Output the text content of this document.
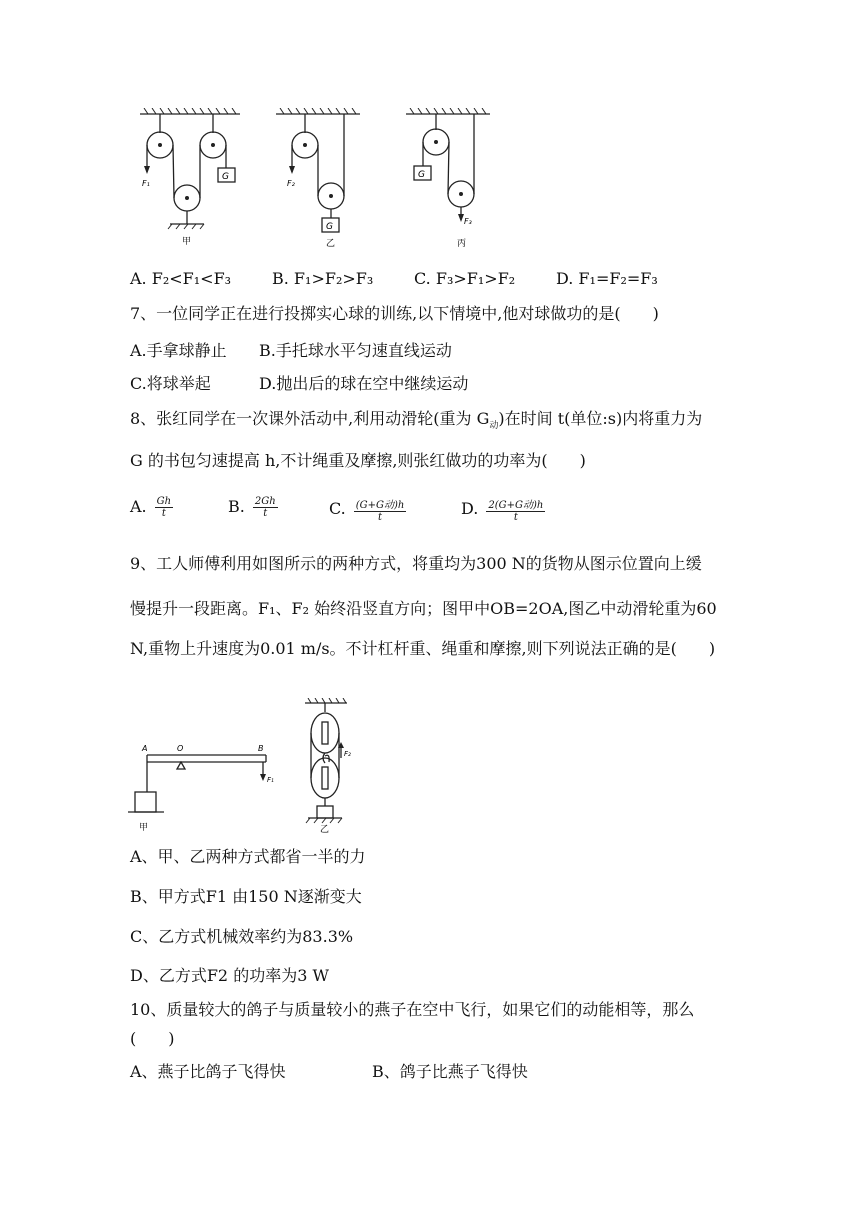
F₁
G
甲
F₂
G
乙
G
F₃
丙
A. F₂<F₁<F₃	B. F₁>F₂>F₃	C. F₃>F₁>F₂	D. F₁=F₂=F₃
7、一位同学正在进行投掷实心球的训练,以下情境中,他对球做功的是(　　)
A.手拿球静止 B.手托球水平匀速直线运动
C.将球举起	D.抛出后的球在空中继续运动
8、张红同学在一次课外活动中,利用动滑轮(重为 $G_动$)在时间 t(单位:s)内将重力为
G 的书包匀速提高 h,不计绳重及摩擦,则张红做功的功率为(　　)
A. $\frac{Gh}{t}$	B. $\frac{2Gh}{t}$	C. $\frac{\text{(G+G动)h}}{t}$	D. $\frac{\text{2(G+G动)h}}{t}$
9、工人师傅利用如图所示的两种方式，将重均为300 N的货物从图示位置向上缓
慢提升一段距离。F₁、F₂ 始终沿竖直方向；图甲中OB=2OA,图乙中动滑轮重为60
N,重物上升速度为0.01 m/s。不计杠杆重、绳重和摩擦,则下列说法正确的是(　　)
A	O	B
F₁
F₂
甲	乙
A、甲、乙两种方式都省一半的力
B、甲方式F1 由150 N逐渐变大
C、乙方式机械效率约为83.3%
D、乙方式F2 的功率为3 W
10、质量较大的鸽子与质量较小的燕子在空中飞行，如果它们的动能相等，那么
(　　)
A、燕子比鸽子飞得快	B、鸽子比燕子飞得快
